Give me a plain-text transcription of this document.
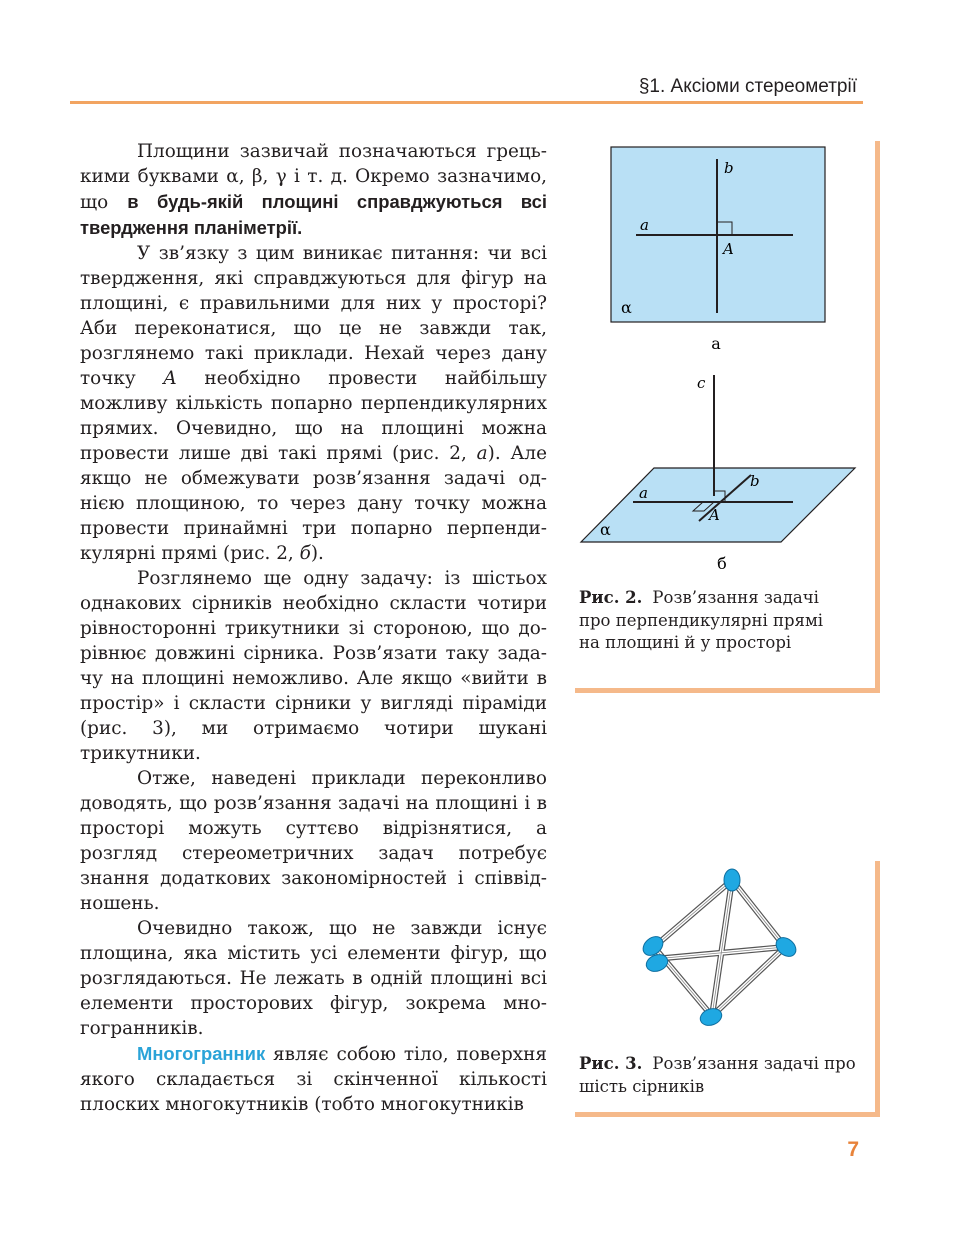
§1. Аксіоми стереометрії

Площини зазвичай позначаються грецькими буквами α, β, γ і т. д. Окремо зазначимо, що в будь-якій площині справджуються всі твердження планіметрії.

У зв’язку з цим виникає питання: чи всі твердження, які справджуються для фігур на площині, є правильними для них у просторі? Аби переконатися, що це не завжди так, розглянемо такі приклади. Нехай через дану точку A необхідно провести найбільшу можливу кількість попарно перпендикулярних прямих. Очевидно, що на площині можна провести лише дві такі прямі (рис. 2, а). Але якщо не обмежувати розв’язання задачі однією площиною, то через дану точку можна провести принаймні три попарно перпендикулярні прямі (рис. 2, б).

Розглянемо ще одну задачу: із шістьох однакових сірників необхідно скласти чотири рівносторонні трикутники зі стороною, що дорівнює довжині сірника. Розв’язати таку задачу на площині неможливо. Але якщо «вийти в простір» і скласти сірники у вигляді піраміди (рис. 3), ми отримаємо чотири шукані трикутники.

Отже, наведені приклади переконливо доводять, що розв’язання задачі на площині і в просторі можуть суттєво відрізнятися, а розгляд стереометричних задач потребує знання додаткових закономірностей і співвідношень.

Очевидно також, що не завжди існує площина, яка містить усі елементи фігур, що розглядаються. Не лежать в одній площині всі елементи просторових фігур, зокрема многогранників.

Многогранник являє собою тіло, поверхня якого складається зі скінченної кількості плоских многокутників (тобто многокутників

a
b
A
α
а
c
a
b
A
α
б
Рис. 2. Розв’язання задачі про перпендикулярні прямі на площині й у просторі
Рис. 3. Розв’язання задачі про шість сірників
7
